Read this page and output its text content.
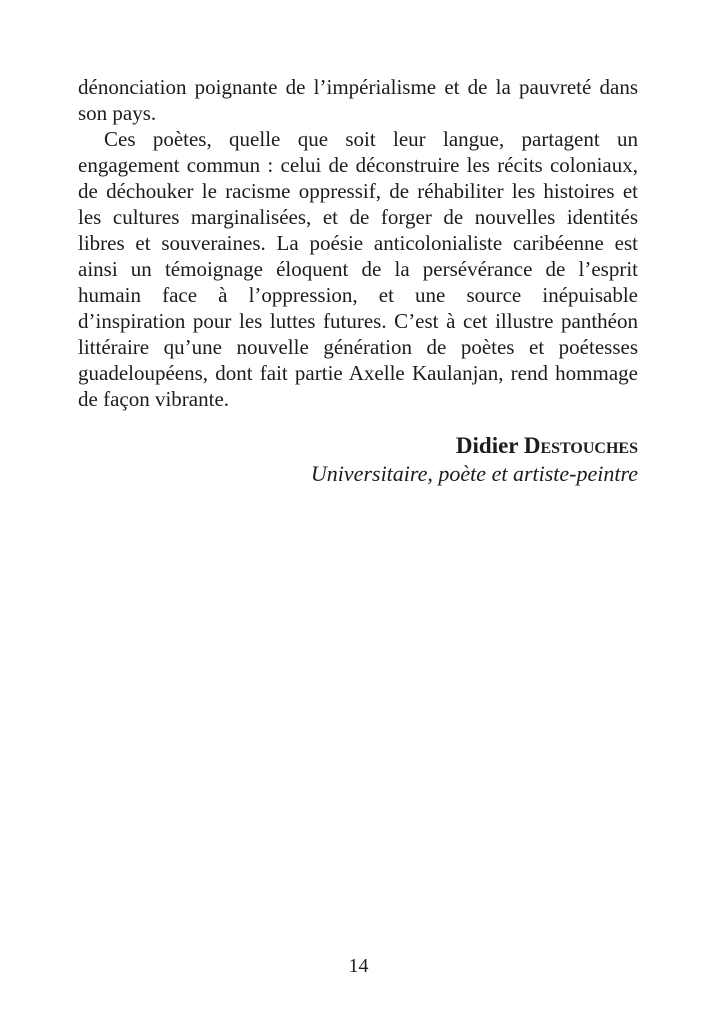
dénonciation poignante de l’impérialisme et de la pauvreté dans
son pays.
Ces poètes, quelle que soit leur langue, partagent un
engagement commun : celui de déconstruire les récits coloniaux,
de déchouker le racisme oppressif, de réhabiliter les histoires et
les cultures marginalisées, et de forger de nouvelles identités
libres et souveraines. La poésie anticolonialiste caribéenne est
ainsi un témoignage éloquent de la persévérance de l’esprit
humain face à l’oppression, et une source inépuisable
d’inspiration pour les luttes futures. C’est à cet illustre panthéon
littéraire qu’une nouvelle génération de poètes et poétesses
guadeloupéens, dont fait partie Axelle Kaulanjan, rend hommage
de façon vibrante.
Didier Destouches
Universitaire, poète et artiste-peintre
14
